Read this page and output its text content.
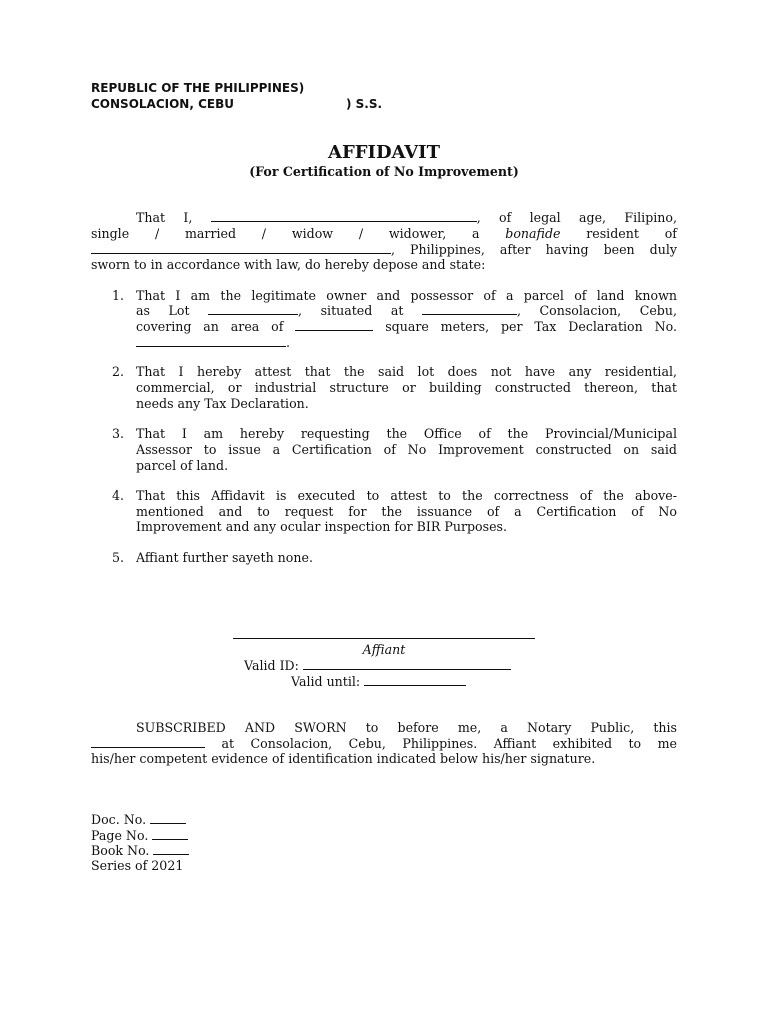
REPUBLIC OF THE PHILIPPINES)
CONSOLACION, CEBU	) S.S.
AFFIDAVIT
(For Certification of No Improvement)
That I,	, of legal age, Filipino,
single / married / widow / widower, a bonafide resident of
, Philippines, after having been duly
sworn to in accordance with law, do hereby depose and state:
1. That I am the legitimate owner and possessor of a parcel of land known
as Lot	, situated at	, Consolacion, Cebu,
covering an area of	square meters, per Tax Declaration No.
.
2. That I hereby attest that the said lot does not have any residential,
commercial, or industrial structure or building constructed thereon, that
needs any Tax Declaration.
3. That I am hereby requesting the Office of the Provincial/Municipal
Assessor to issue a Certification of No Improvement constructed on said
parcel of land.
4. That this Affidavit is executed to attest to the correctness of the above-
mentioned and to request for the issuance of a Certification of No
Improvement and any ocular inspection for BIR Purposes.
5. Affiant further sayeth none.
Affiant
Valid ID:
Valid until:
SUBSCRIBED AND SWORN to before me, a Notary Public, this
at Consolacion, Cebu, Philippines. Affiant exhibited to me
his/her competent evidence of identification indicated below his/her signature.
Doc. No.
Page No.
Book No.
Series of 2021
